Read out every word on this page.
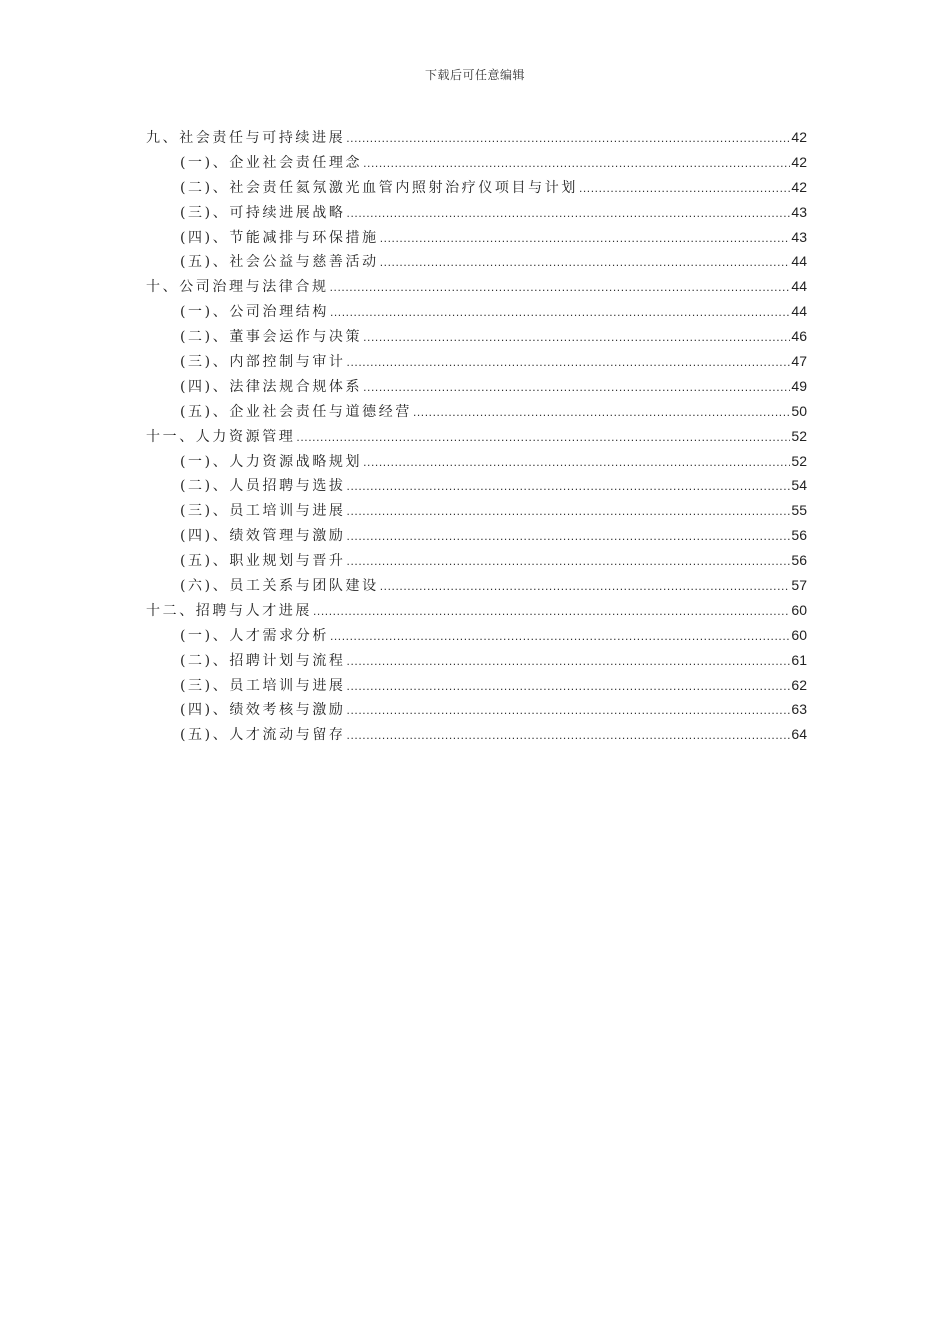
下载后可任意编辑
九、社会责任与可持续进展 .....	42
(一)、企业社会责任理念 .....	42
(二)、社会责任氦氖激光血管内照射治疗仪项目与计划 .....	42
(三)、可持续进展战略 .....	43
(四)、节能减排与环保措施 .....	43
(五)、社会公益与慈善活动 .....	44
十、公司治理与法律合规 .....	44
(一)、公司治理结构 .....	44
(二)、董事会运作与决策 .....	46
(三)、内部控制与审计 .....	47
(四)、法律法规合规体系 .....	49
(五)、企业社会责任与道德经营 .....	50
十一、人力资源管理 .....	52
(一)、人力资源战略规划 .....	52
(二)、人员招聘与选拔 .....	54
(三)、员工培训与进展 .....	55
(四)、绩效管理与激励 .....	56
(五)、职业规划与晋升 .....	56
(六)、员工关系与团队建设 .....	57
十二、招聘与人才进展 .....	60
(一)、人才需求分析 .....	60
(二)、招聘计划与流程 .....	61
(三)、员工培训与进展 .....	62
(四)、绩效考核与激励 .....	63
(五)、人才流动与留存 .....	64
